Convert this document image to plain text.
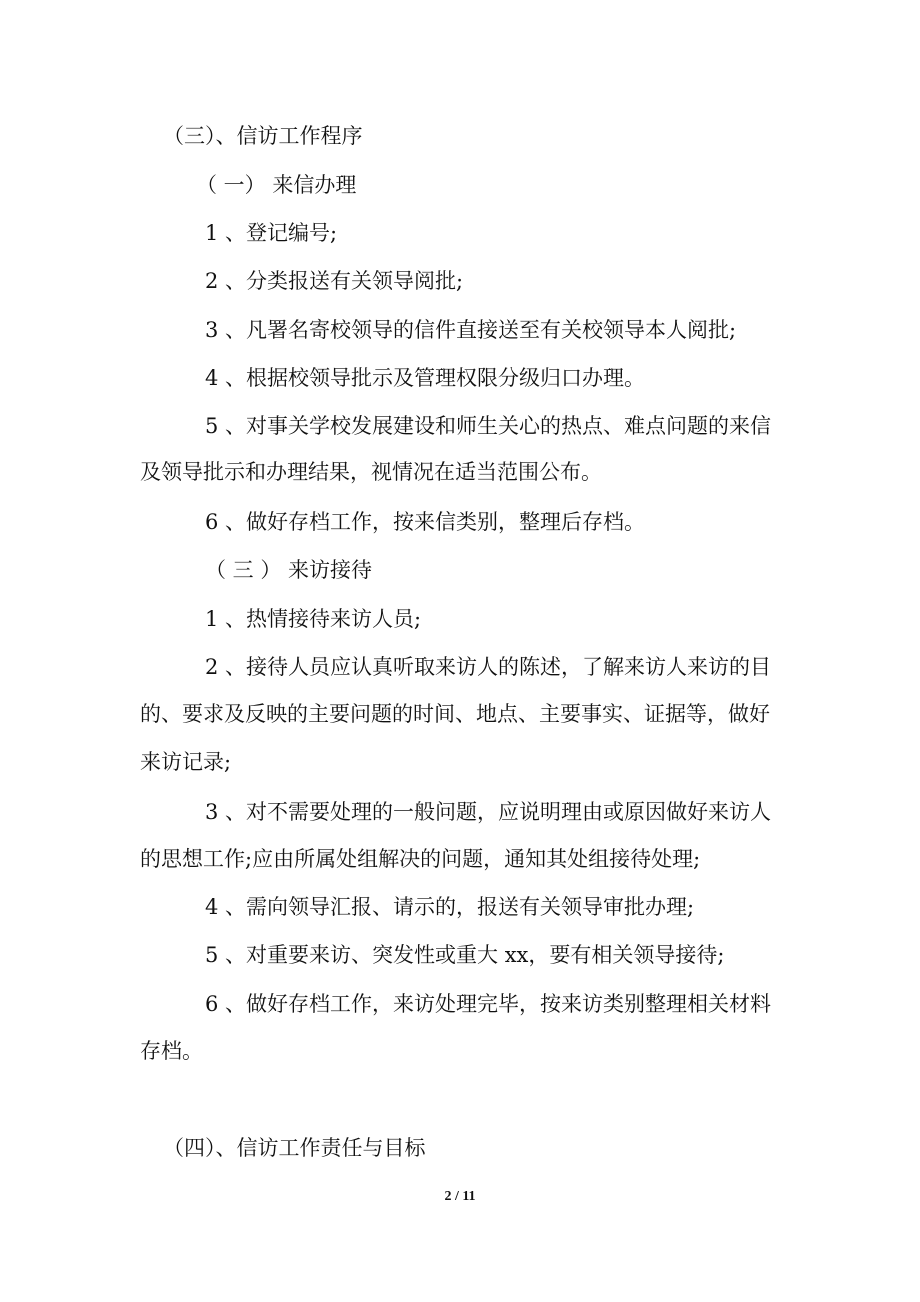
（三）、信访工作程序
（ 一） 来信办理
1 、登记编号;
2 、分类报送有关领导阅批;
3 、凡署名寄校领导的信件直接送至有关校领导本人阅批;
4 、根据校领导批示及管理权限分级归口办理。
5 、对事关学校发展建设和师生关心的热点、难点问题的来信
及领导批示和办理结果，视情况在适当范围公布。
6 、做好存档工作，按来信类别，整理后存档。
（ 三 ） 来访接待
1 、热情接待来访人员;
2 、接待人员应认真听取来访人的陈述，了解来访人来访的目
的、要求及反映的主要问题的时间、地点、主要事实、证据等，做好
来访记录;
3 、对不需要处理的一般问题，应说明理由或原因做好来访人
的思想工作;应由所属处组解决的问题，通知其处组接待处理;
4 、需向领导汇报、请示的，报送有关领导审批办理;
5 、对重要来访、突发性或重大 xx，要有相关领导接待;
6 、做好存档工作，来访处理完毕，按来访类别整理相关材料
存档。
（四）、信访工作责任与目标
2 / 11
